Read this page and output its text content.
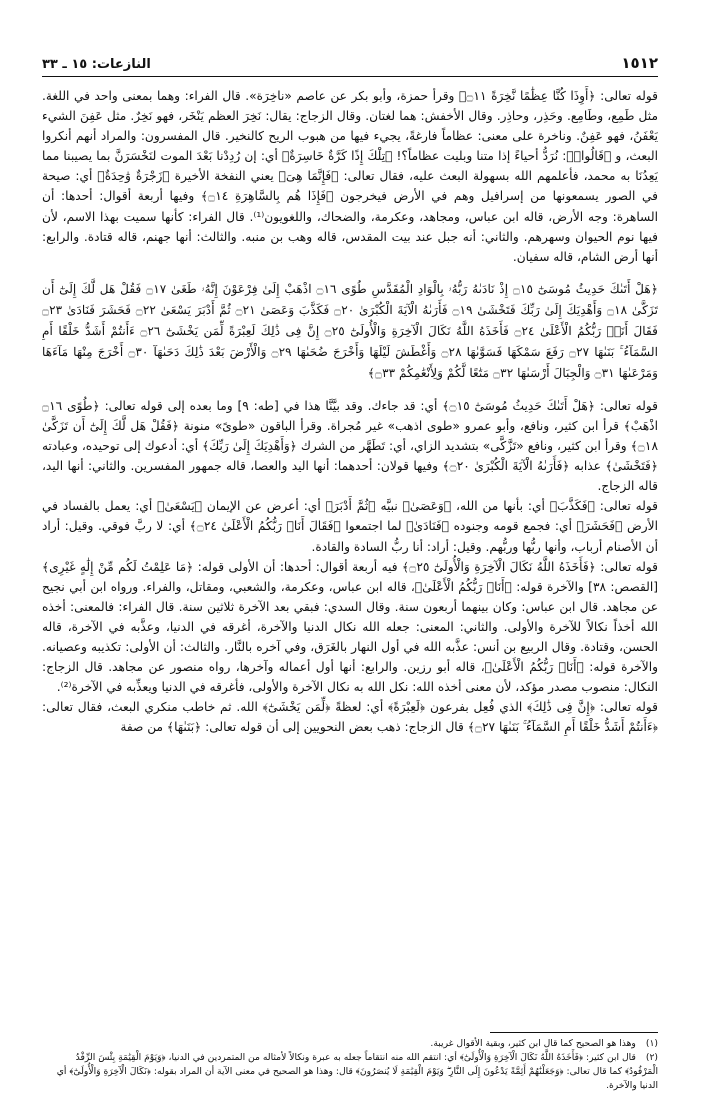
١٥١٢
النازعات: ١٥ ـ ٣٣

قوله تعالى: ﴿أَوِذَا كُنَّا عِظَٰمًا نَّخِرَةً ۝١١﴾ وقرأ حمزة، وأبو بكر عن عاصم «ناخِرَة». قال الفراء: وهما بمعنى واحد في اللغة. مثل طَمِع، وطَامِع. وحَذِر، وحاذِر. وقال الأخفش: هما لغتان. وقال الزجاج: يقال: نَخِرَ العظم يَنْخَر، فهو نَخِرٌ. مثل عَفِنَ الشيء يَعْفَنُ، فهو عَفِنٌ. وناخرة على معنى: عظاماً فارغةً، يجيء فيها من هبوب الريح كالنخير. قال المفسرون: والمراد أنهم أنكروا البعث، و ﴿قَالُوا۟﴾: نُرَدُّ أحياءً إذا متنا وبليت عظاماً؟! ﴿تِلْكَ إِذًا كَرَّةٌ خَاسِرَةٌ﴾ أي: إن رُدِدْنا بَعْدَ الموت لنَخْسَرَنَّ بما يصيبنا مما يَعِدُنَا به محمد، فأعلمهم الله بسهولة البعث عليه، فقال تعالى: ﴿فَإِنَّمَا هِىَ﴾ يعني النفخة الأخيرة ﴿زَجْرَةٌ وَٰحِدَةٌ﴾ أي: صيحة في الصور يسمعونها من إسرافيل وهم في الأرض فيخرجون ﴿فَإِذَا هُم بِالسَّاهِرَةِ ۝١٤﴾ وفيها أربعة أقوال: أحدها: أن الساهرة: وجه الأرض، قاله ابن عباس، ومجاهد، وعكرمة، والضحاك، واللغويون⁽¹⁾. قال الفراء: كأنها سميت بهذا الاسم، لأن فيها نوم الحيوان وسهرهم. والثاني: أنه جبل عند بيت المقدس، قاله وهب بن منبه. والثالث: أنها جهنم، قاله قتادة. والرابع: أنها أرض الشام، قاله سفيان.

﴿هَلْ أَتَىٰكَ حَدِيثُ مُوسَىٰٓ ۝١٥ إِذْ نَادَىٰهُ رَبُّهُۥ بِالْوَادِ الْمُقَدَّسِ طُوًى ۝١٦ اذْهَبْ إِلَىٰ فِرْعَوْنَ إِنَّهُۥ طَغَىٰ ۝١٧ فَقُلْ هَل لَّكَ إِلَىٰٓ أَن تَزَكَّىٰ ۝١٨ وَأَهْدِيَكَ إِلَىٰ رَبِّكَ فَتَخْشَىٰ ۝١٩ فَأَرَىٰهُ الْآيَةَ الْكُبْرَىٰ ۝٢٠ فَكَذَّبَ وَعَصَىٰ ۝٢١ ثُمَّ أَدْبَرَ يَسْعَىٰ ۝٢٢ فَحَشَرَ فَنَادَىٰ ۝٢٣ فَقَالَ أَنَا۠ رَبُّكُمُ الْأَعْلَىٰ ۝٢٤ فَأَخَذَهُ اللَّهُ نَكَالَ الْآخِرَةِ وَالْأُولَىٰٓ ۝٢٥ إِنَّ فِى ذَٰلِكَ لَعِبْرَةً لِّمَن يَخْشَىٰٓ ۝٢٦ ءَأَنتُمْ أَشَدُّ خَلْقًا أَمِ السَّمَآءُ ۚ بَنَىٰهَا ۝٢٧ رَفَعَ سَمْكَهَا فَسَوَّىٰهَا ۝٢٨ وَأَغْطَشَ لَيْلَهَا وَأَخْرَجَ ضُحَىٰهَا ۝٢٩ وَالْأَرْضَ بَعْدَ ذَٰلِكَ دَحَىٰهَآ ۝٣٠ أَخْرَجَ مِنْهَا مَآءَهَا وَمَرْعَىٰهَا ۝٣١ وَالْجِبَالَ أَرْسَىٰهَا ۝٣٢ مَتَٰعًا لَّكُمْ وَلِأَنْعَٰمِكُمْ ۝٣٣﴾

قوله تعالى: ﴿هَلْ أَتَىٰكَ حَدِيثُ مُوسَىٰٓ ۝١٥﴾ أي: قد جاءك. وقد بيَّنَّا هذا في [طه: ٩] وما بعده إلى قوله تعالى: ﴿طُوًى ۝١٦ اذْهَبْ﴾ قرأ ابن كثير، ونافع، وأبو عمرو «طوى اذهب» غير مُجراة. وقرأ الباقون «طوىً» منونة ﴿فَقُلْ هَل لَّكَ إِلَىٰٓ أَن تَزَكَّىٰ ۝١٨﴾ وقرأ ابن كثير، ونافع «تَزَّكَّى» بتشديد الزاي، أي: تَطَهَّر من الشرك ﴿وَأَهْدِيَكَ إِلَىٰ رَبِّكَ﴾ أي: أدعوك إلى توحيده، وعبادته ﴿فَتَخْشَىٰ﴾ عذابه ﴿فَأَرَىٰهُ الْآيَةَ الْكُبْرَىٰ ۝٢٠﴾ وفيها قولان: أحدهما: أنها اليد والعصا، قاله جمهور المفسرين. والثاني: أنها اليد، قاله الزجاج.

قوله تعالى: ﴿فَكَذَّبَ﴾ أي: بأنها من الله، ﴿وَعَصَىٰ﴾ نبيَّه ﴿ثُمَّ أَدْبَرَ﴾ أي: أعرض عن الإيمان ﴿يَسْعَىٰ﴾ أي: يعمل بالفساد في الأرض ﴿فَحَشَرَ﴾ أي: فجمع قومه وجنوده ﴿فَنَادَىٰ﴾ لما اجتمعوا ﴿فَقَالَ أَنَا۠ رَبُّكُمُ الْأَعْلَىٰ ۝٢٤﴾ أي: لا ربَّ فوقي. وقيل: أراد أن الأصنام أرباب، وأنها ربُّها وربُّهم. وقيل: أراد: أنا ربُّ السادة والقادة.

قوله تعالى: ﴿فَأَخَذَهُ اللَّهُ نَكَالَ الْآخِرَةِ وَالْأُولَىٰٓ ۝٢٥﴾ فيه أربعة أقوال: أحدها: أن الأولى قوله: ﴿مَا عَلِمْتُ لَكُم مِّنْ إِلَٰهٍ غَيْرِى﴾ [القصص: ٣٨] والآخرة قوله: ﴿أَنَا۠ رَبُّكُمُ الْأَعْلَىٰ﴾، قاله ابن عباس، وعكرمة، والشعبي، ومقاتل، والفراء. ورواه ابن أبي نجيح عن مجاهد. قال ابن عباس: وكان بينهما أربعون سنة. وقال السدي: فبقي بعد الآخرة ثلاثين سنة. قال الفراء: فالمعنى: أخذه الله أخذاً نكالاً للآخرة والأولى. والثاني: المعنى: جعله الله نكال الدنيا والآخرة، أغرقه في الدنيا، وعذَّبه في الآخرة، قاله الحسن، وقتادة. وقال الربيع بن أنس: عذَّبه الله في أول النهار بالغَرَق، وفي آخره بالنَّار. والثالث: أن الأولى: تكذيبه وعصيانه. والآخرة قوله: ﴿أَنَا۠ رَبُّكُمُ الْأَعْلَىٰ﴾، قاله أبو رزين. والرابع: أنها أول أعماله وآخرها، رواه منصور عن مجاهد. قال الزجاج: النكال: منصوب مصدر مؤكد، لأن معنى أخذه الله: نكل الله به نكال الآخرة والأولى، فأغرقه في الدنيا ويعذِّبه في الآخرة⁽²⁾.

قوله تعالى: ﴿إِنَّ فِى ذَٰلِكَ﴾ الذي فُعِل بفرعون ﴿لَعِبْرَةً﴾ أي: لعظةً ﴿لِّمَن يَخْشَىٰٓ﴾ الله. ثم خاطب منكري البعث، فقال تعالى: ﴿ءَأَنتُمْ أَشَدُّ خَلْقًا أَمِ السَّمَآءُ ۚ بَنَىٰهَا ۝٢٧﴾ قال الزجاج: ذهب بعض النحويين إلى أن قوله تعالى: ﴿بَنَىٰهَا﴾ من صفة

(١)وهذا هو الصحيح كما قال ابن كثير، وبقية الأقوال غريبة.

(٢)قال ابن كثير: ﴿فَأَخَذَهُ اللَّهُ نَكَالَ الْآخِرَةِ وَالْأُولَىٰٓ﴾ أي: انتقم الله منه انتقاماً جعله به عبرة ونكالاً لأمثاله من المتمردين في الدنيا، ﴿وَيَوْمَ الْقِيَٰمَةِ بِئْسَ الرِّفْدُ الْمَرْفُودُ﴾ كما قال تعالى: ﴿وَجَعَلْنَٰهُمْ أَئِمَّةً يَدْعُونَ إِلَى النَّارِ ۖ وَيَوْمَ الْقِيَٰمَةِ لَا يُنصَرُونَ﴾ قال: وهذا هو الصحيح في معنى الآية أن المراد بقوله: ﴿نَكَالَ الْآخِرَةِ وَالْأُولَىٰٓ﴾ أي الدنيا والآخرة.
